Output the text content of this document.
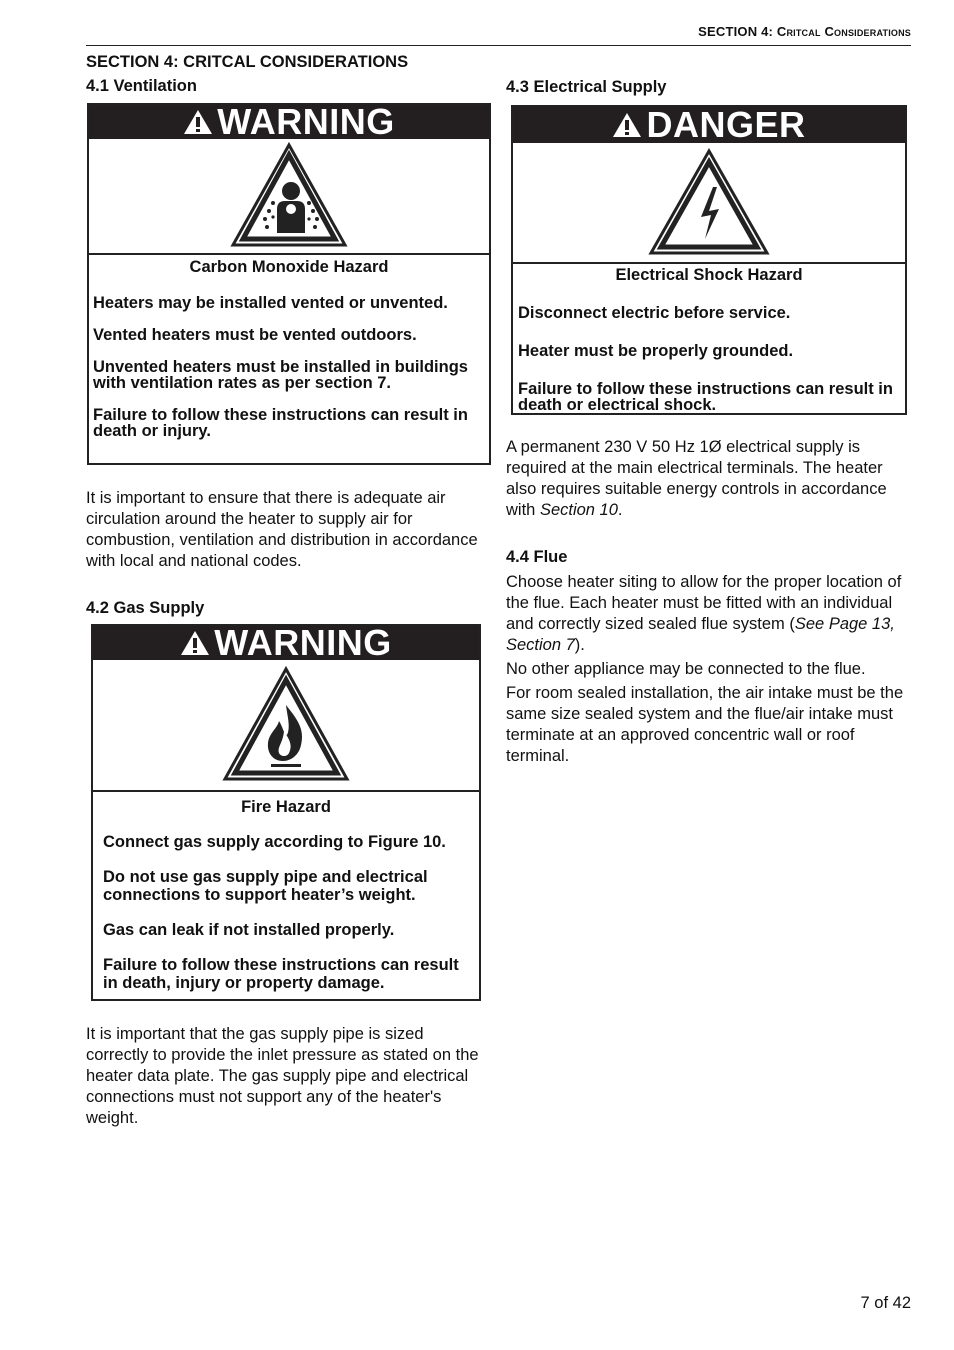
SECTION 4: Critcal Considerations
SECTION 4: CRITCAL CONSIDERATIONS
4.1 Ventilation
WARNING
Carbon Monoxide Hazard

Heaters may be installed vented or unvented.

Vented heaters must be vented outdoors.

Unvented heaters must be installed in buildings with ventilation rates as per section 7.

Failure to follow these instructions can result in death or injury.

It is important to ensure that there is adequate air circulation around the heater to supply air for combustion, ventilation and distribution in accordance with local and national codes.
4.2 Gas Supply
WARNING
Fire Hazard

Connect gas supply according to Figure 10.

Do not use gas supply pipe and electrical connections to support heater’s weight.

Gas can leak if not installed properly.

Failure to follow these instructions can result in death, injury or property damage.

It is important that the gas supply pipe is sized correctly to provide the inlet pressure as stated on the heater data plate. The gas supply pipe and electrical connections must not support any of the heater's weight.
4.3 Electrical Supply
DANGER
Electrical Shock Hazard

Disconnect electric before service.

Heater must be properly grounded.

Failure to follow these instructions can result in death or electrical shock.

A permanent 230 V 50 Hz 1Ø electrical supply is required at the main electrical terminals. The heater also requires suitable energy controls in accordance with Section 10.
4.4 Flue
Choose heater siting to allow for the proper location of the flue. Each heater must be fitted with an individual and correctly sized sealed flue system (See Page 13, Section 7).
No other appliance may be connected to the flue.
For room sealed installation, the air intake must be the same size sealed system and the flue/air intake must terminate at an approved concentric wall or roof terminal.
7 of 42
